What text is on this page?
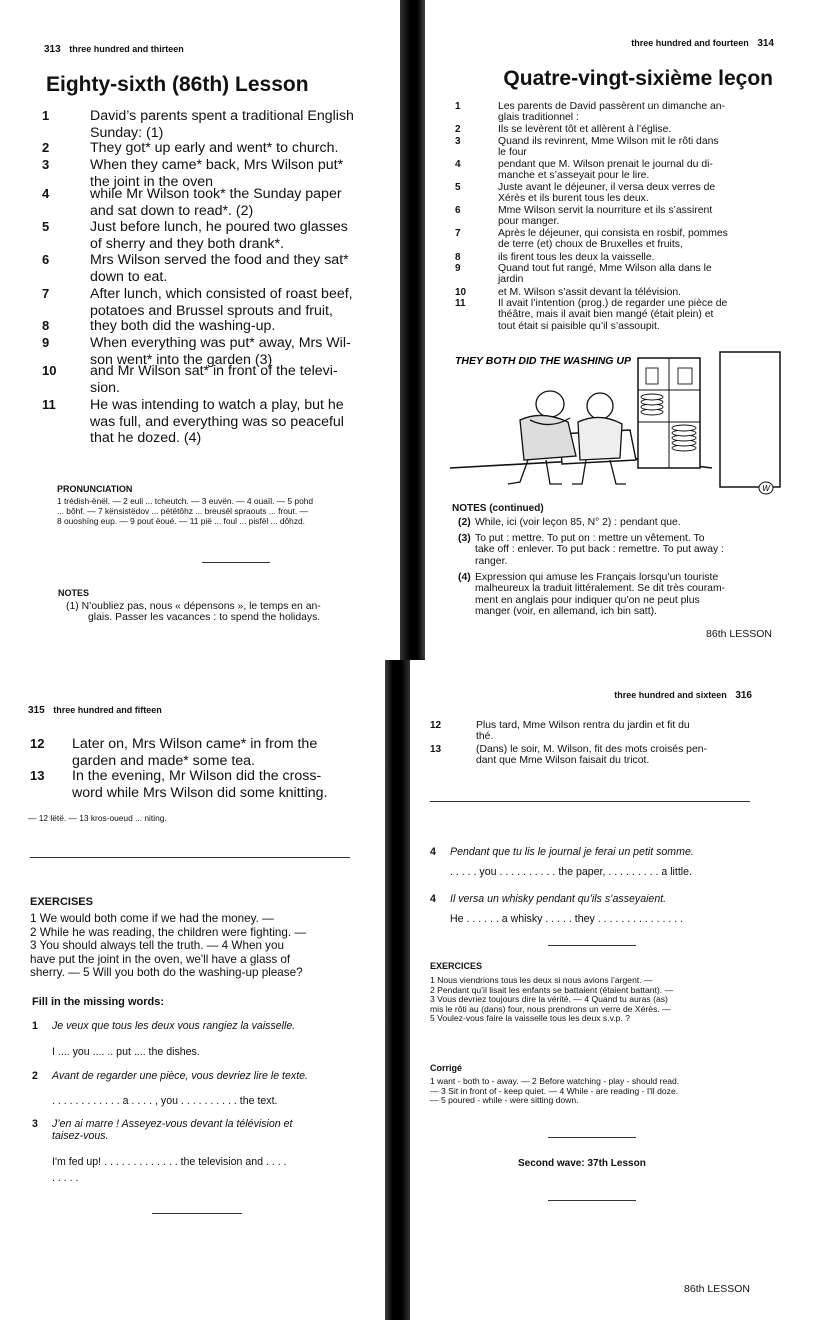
313 three hundred and thirteen
Eighty-sixth (86th) Lesson
1	David’s parents spent a traditional English
Sunday: (1)
2	They got* up early and went* to church.
3	When they came* back, Mrs Wilson put*
the joint in the oven
4	while Mr Wilson took* the Sunday paper
and sat down to read*. (2)
5	Just before lunch, he poured two glasses
of sherry and they both drank*.
6	Mrs Wilson served the food and they sat*
down to eat.
7	After lunch, which consisted of roast beef,
potatoes and Brussel sprouts and fruit,
8	they both did the washing-up.
9	When everything was put* away, Mrs Wil-
son went* into the garden (3)
10	and Mr Wilson sat* in front of the televi-
sion.
11	He was intending to watch a play, but he
was full, and everything was so peaceful
that he dozed. (4)
PRONUNCIATION
1 trédish-ënël. — 2 euli ... tcheutch. — 3 euvën. — 4 ouaïl. — 5 pohd
... bôhf. — 7 kënsistëdov ... pëtëtôhz ... breusël spraouts ... frout. —
8 ouoshïng eup. — 9 pout ëoué. — 11 pië ... foul ... pisfël ... dôhzd.
NOTES
(1) N’oubliez pas, nous « dépensons », le temps en an-
glais. Passer les vacances : to spend the holidays.
three hundred and fourteen 314
Quatre-vingt-sixième leçon
1	Les parents de David passèrent un dimanche an-
glais traditionnel :
2	Ils se levèrent tôt et allèrent à l’église.
3	Quand ils revinrent, Mme Wilson mit le rôti dans
le four
4	pendant que M. Wilson prenait le journal du di-
manche et s’asseyait pour le lire.
5	Juste avant le déjeuner, il versa deux verres de
Xérès et ils burent tous les deux.
6	Mme Wilson servit la nourriture et ils s’assirent
pour manger.
7	Après le déjeuner, qui consista en rosbif, pommes
de terre (et) choux de Bruxelles et fruits,
8	ils firent tous les deux la vaisselle.
9	Quand tout fut rangé, Mme Wilson alla dans le
jardin
10	et M. Wilson s’assit devant la télévision.
11	Il avait l’intention (prog.) de regarder une pièce de
théâtre, mais il avait bien mangé (était plein) et
tout était si paisible qu’il s’assoupit.
THEY BOTH DID THE WASHING UP
W
NOTES (continued)
(2) While, ici (voir leçon 85, N° 2) : pendant que.
(3) To put : mettre. To put on : mettre un vêtement. To
take off : enlever. To put back : remettre. To put away :
ranger.
(4) Expression qui amuse les Français lorsqu’un touriste
malheureux la traduit littéralement. Se dit très couram-
ment en anglais pour indiquer qu’on ne peut plus
manger (voir, en allemand, ich bin satt).
86th LESSON
315 three hundred and fifteen
12	Later on, Mrs Wilson came* in from the
garden and made* some tea.
13	In the evening, Mr Wilson did the cross-
word while Mrs Wilson did some knitting.
— 12 lëtë. — 13 kros-oueud ... niting.
EXERCISES
1 We would both come if we had the money. —
2 While he was reading, the children were fighting. —
3 You should always tell the truth. — 4 When you
have put the joint in the oven, we'll have a glass of
sherry. — 5 Will you both do the washing-up please?
Fill in the missing words:
1 Je veux que tous les deux vous rangiez la vaisselle.
I .... you .... .. put .... the dishes.
2 Avant de regarder une pièce, vous devriez lire le texte.
. . . . . . . . . . . . a . . . . , you . . . . . . . . . . the text.
3 J’en ai marre ! Asseyez-vous devant la télévision et
taisez-vous.
I'm fed up! . . . . . . . . . . . . . the television and . . . .
. . . . .
three hundred and sixteen 316
12	Plus tard, Mme Wilson rentra du jardin et fit du
thé.
13	(Dans) le soir, M. Wilson, fit des mots croisés pen-
dant que Mme Wilson faisait du tricot.
4 Pendant que tu lis le journal je ferai un petit somme.
. . . . . you . . . . . . . . . . the paper, . . . . . . . . . a little.
4 Il versa un whisky pendant qu’ils s’asseyaient.
He . . . . . . a whisky . . . . . they . . . . . . . . . . . . . . .
EXERCICES
1 Nous viendrions tous les deux si nous avions l’argent. —
2 Pendant qu’il lisait les enfants se battaient (étaient battant). —
3 Vous devriez toujours dire la vérité. — 4 Quand tu auras (as)
mis le rôti au (dans) four, nous prendrons un verre de Xérès. —
5 Voulez-vous faire la vaisselle tous les deux s.v.p. ?
Corrigé
1 want - both to - away. — 2 Before watching - play - should read.
— 3 Sit in front of - keep quiet. — 4 While - are reading - I'll doze.
— 5 poured - while - were sitting down.
Second wave: 37th Lesson
86th LESSON
